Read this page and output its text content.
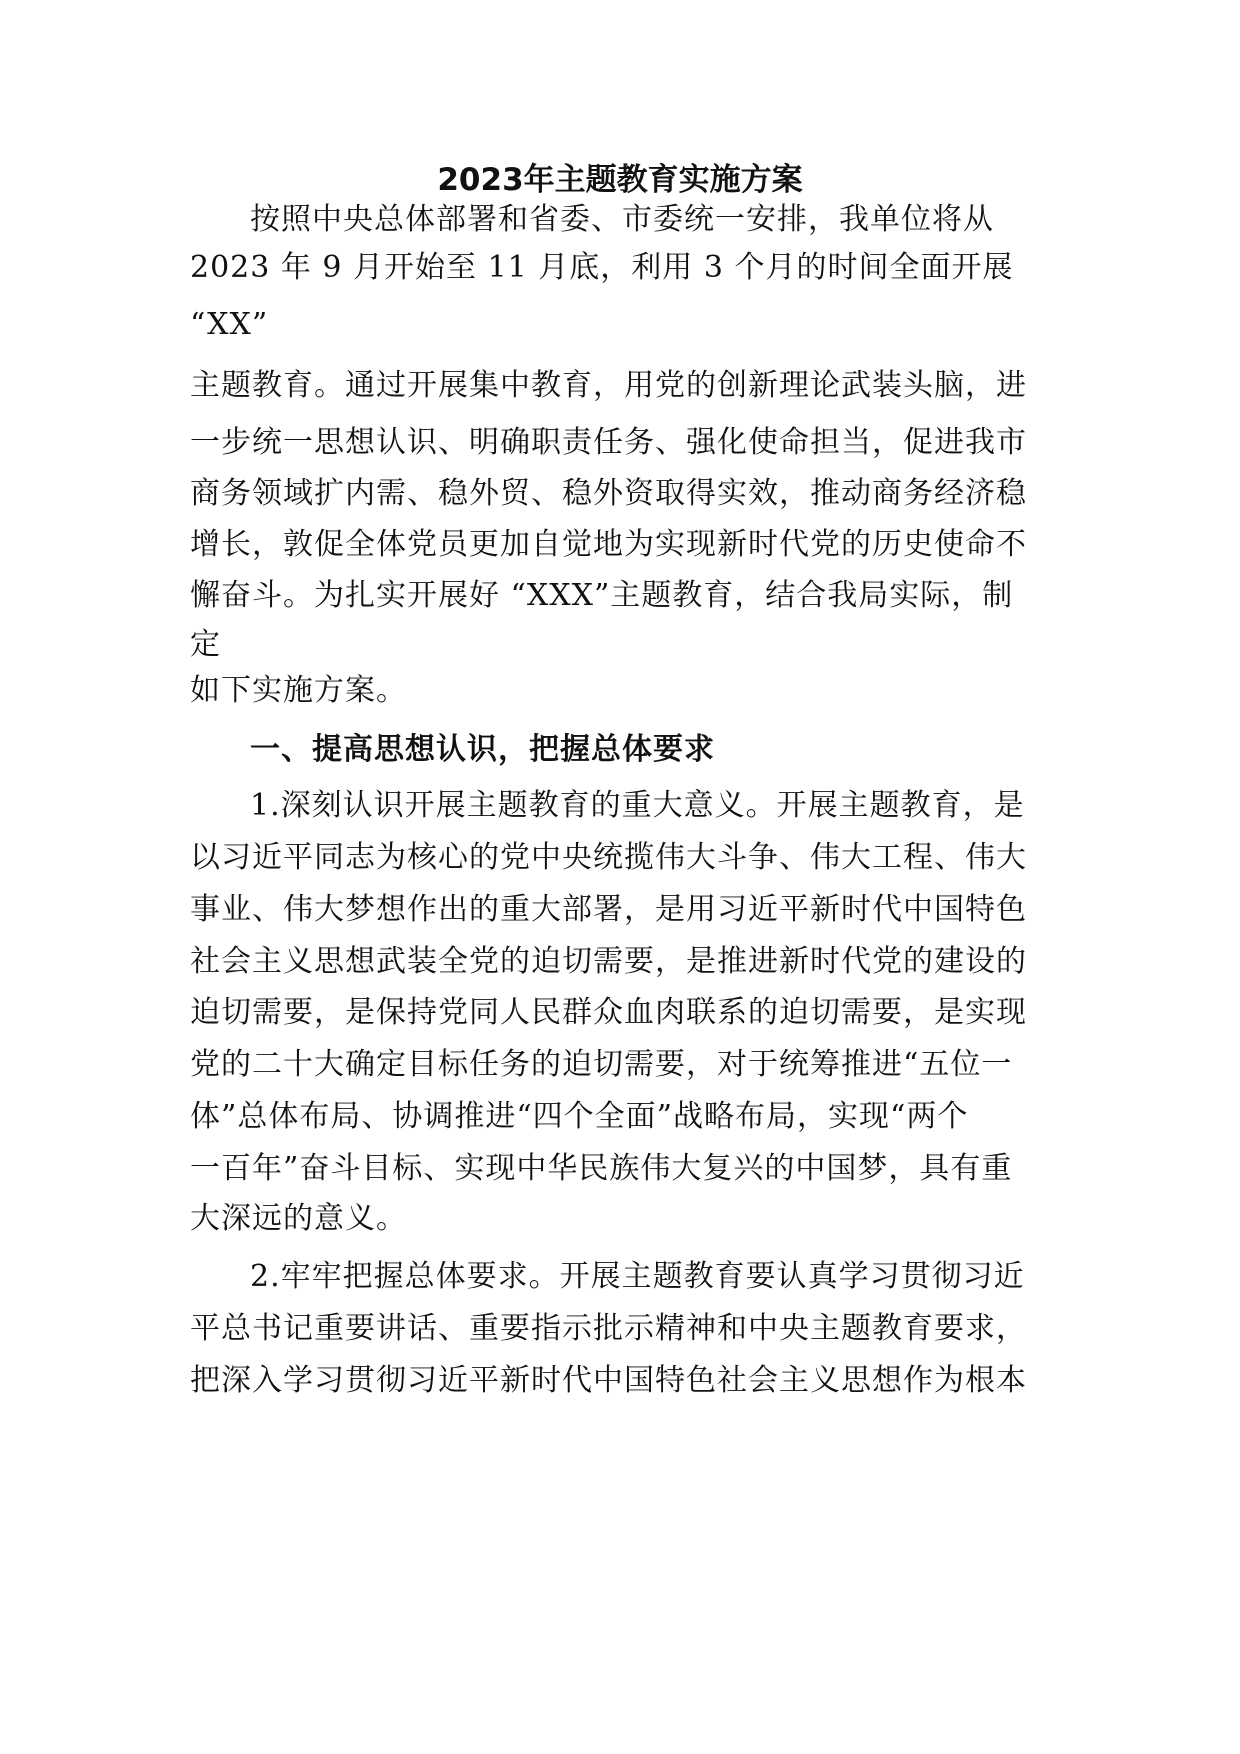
2023年主题教育实施方案
按照中央总体部署和省委、市委统一安排，我单位将从
2023 年 9 月开始至 11 月底，利用 3 个月的时间全面开展
“XX”
主题教育。通过开展集中教育，用党的创新理论武装头脑，进
一步统一思想认识、明确职责任务、强化使命担当，促进我市
商务领域扩内需、稳外贸、稳外资取得实效，推动商务经济稳
增长，敦促全体党员更加自觉地为实现新时代党的历史使命不
懈奋斗。为扎实开展好 “XXX”主题教育，结合我局实际，制
定
如下实施方案。
一、提高思想认识，把握总体要求
1.深刻认识开展主题教育的重大意义。开展主题教育，是
以习近平同志为核心的党中央统揽伟大斗争、伟大工程、伟大
事业、伟大梦想作出的重大部署，是用习近平新时代中国特色
社会主义思想武装全党的迫切需要，是推进新时代党的建设的
迫切需要，是保持党同人民群众血肉联系的迫切需要，是实现
党的二十大确定目标任务的迫切需要，对于统筹推进“五位一
体”总体布局、协调推进“四个全面”战略布局，实现“两个
一百年”奋斗目标、实现中华民族伟大复兴的中国梦，具有重
大深远的意义。
2.牢牢把握总体要求。开展主题教育要认真学习贯彻习近
平总书记重要讲话、重要指示批示精神和中央主题教育要求，
把深入学习贯彻习近平新时代中国特色社会主义思想作为根本
